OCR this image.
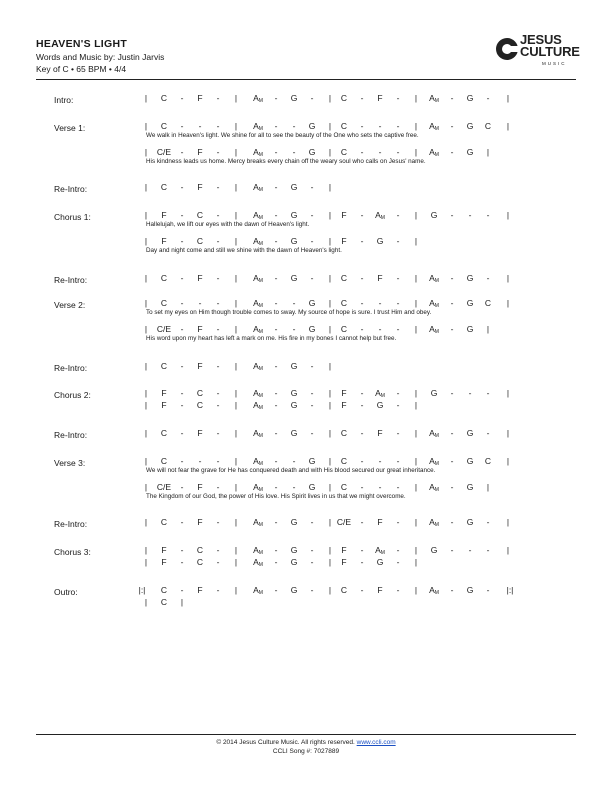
HEAVEN'S LIGHT
Words and Music by: Justin Jarvis
Key of C • 65 BPM • 4/4
JESUS
CULTURE
MUSIC
Intro:	| C - F - | $A_M$ - G - | C - F - | $A_M$ - G - |
Verse 1:	| C - - - | $A_M$ - - G | C - - - | $A_M$ - G C |
We walk in Heaven's light. We shine for all to see the beauty of the One who sets the captive free.
| C/E - F - | $A_M$ - - G | C - - - | $A_M$ - G |
His kindness leads us home. Mercy breaks every chain off the weary soul who calls on Jesus' name.
Re-Intro:	| C - F - | $A_M$ - G - |
Chorus 1:	| F - C - | $A_M$ - G - | F - $A_M$ - | G - - - |
Hallelujah, we lift our eyes with the dawn of Heaven's light.
| F - C - | $A_M$ - G - | F - G - |
Day and night come and still we shine with the dawn of Heaven's light.
Re-Intro:	| C - F - | $A_M$ - G - | C - F - | $A_M$ - G - |
Verse 2:	| C - - - | $A_M$ - - G | C - - - | $A_M$ - G C |
To set my eyes on Him though trouble comes to sway. My source of hope is sure. I trust Him and obey.
| C/E - F - | $A_M$ - - G | C - - - | $A_M$ - G |
His word upon my heart has left a mark on me. His fire in my bones I cannot help but free.
Re-Intro:	| C - F - | $A_M$ - G - |
Chorus 2:	| F - C - | $A_M$ - G - | F - $A_M$ - | G - - - |
| F - C - | $A_M$ - G - | F - G - |
Re-Intro:	| C - F - | $A_M$ - G - | C - F - | $A_M$ - G - |
Verse 3:	| C - - - | $A_M$ - - G | C - - - | $A_M$ - G C |
We will not fear the grave for He has conquered death and with His blood secured our great inheritance.
| C/E - F - | $A_M$ - - G | C - - - | $A_M$ - G |
The Kingdom of our God, the power of His love. His Spirit lives in us that we might overcome.
Re-Intro:	| C - F - | $A_M$ - G - | C/E - F - | $A_M$ - G - |
Chorus 3:	| F - C - | $A_M$ - G - | F - $A_M$ - | G - - - |
| F - C - | $A_M$ - G - | F - G - |
Outro:	|:| C - F - | $A_M$ - G - | C - F - | $A_M$ - G - |:|
| C |
© 2014 Jesus Culture Music. All rights reserved. www.ccli.com
CCLI Song #: 7027889
